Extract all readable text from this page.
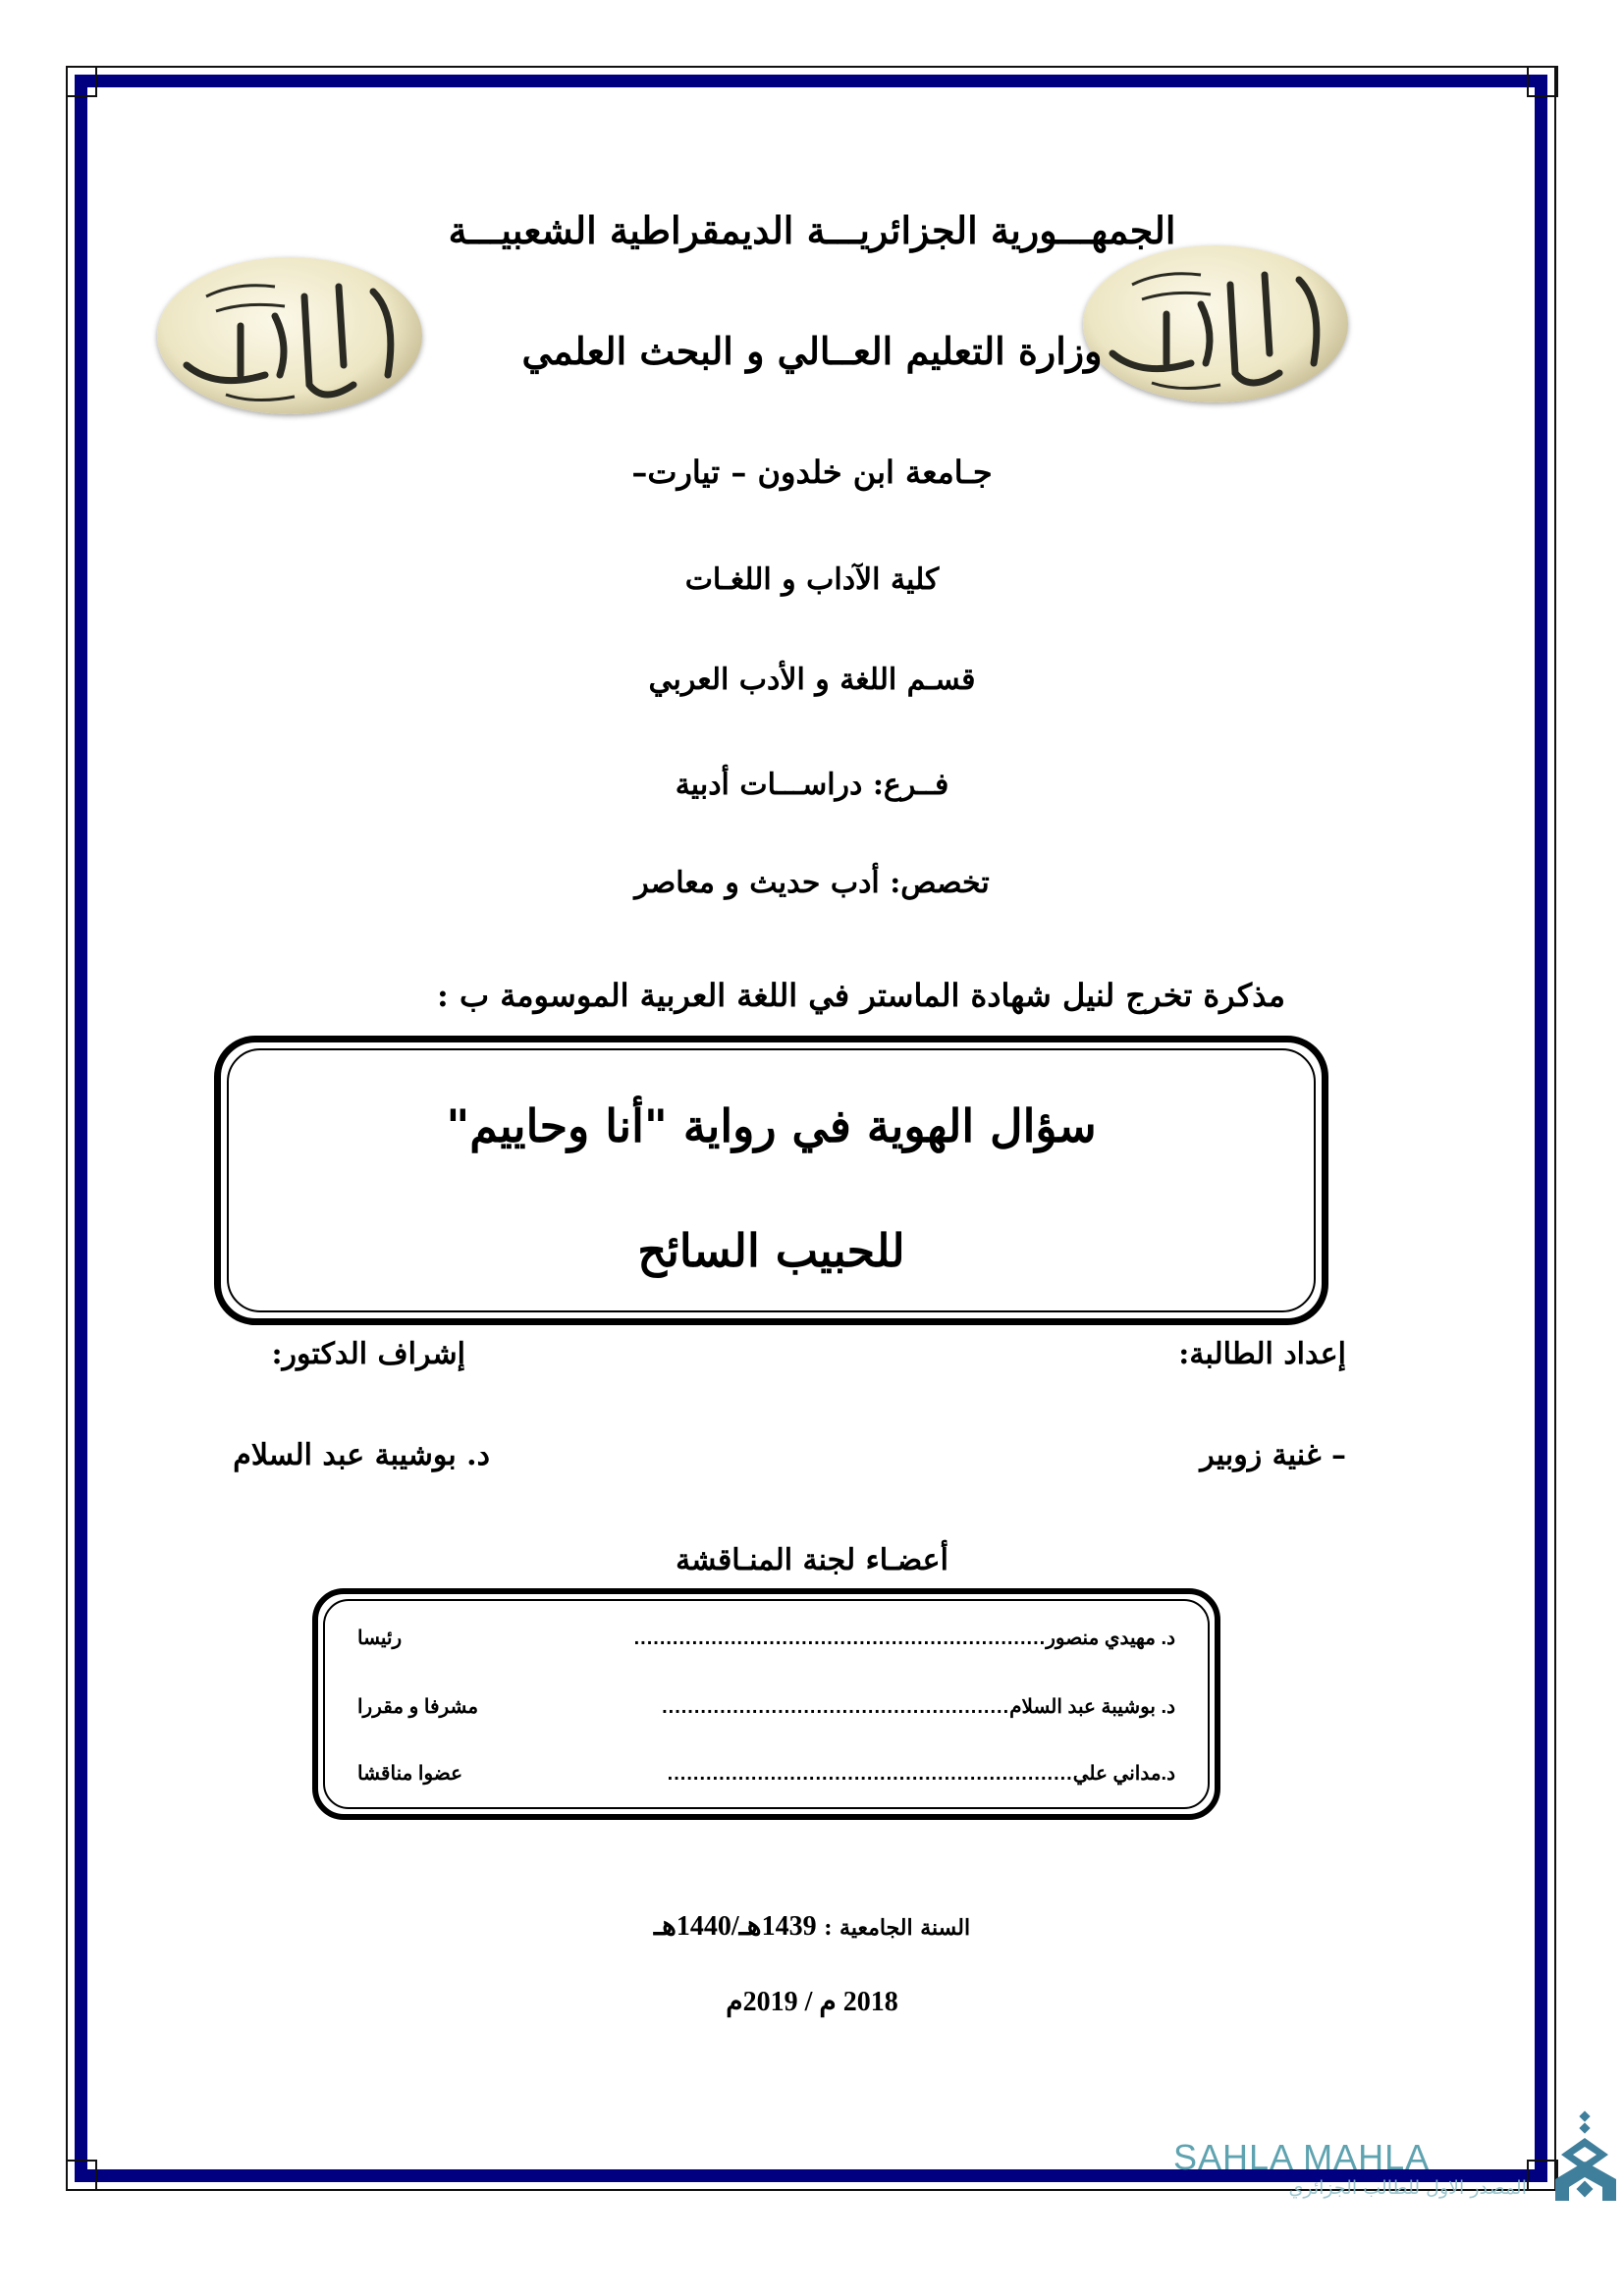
الجمهـــورية الجزائريـــة الديمقراطية الشعبيـــة
وزارة التعليم العــالي و البحث العلمي
جـامعة ابن خلدون – تيارت–
كلية الآداب و اللغـات
قسـم اللغة و الأدب العربي
فــرع: دراســـات أدبية
تخصص: أدب حديث و معاصر
مذكرة تخرج لنيل شهادة الماستر في اللغة العربية الموسومة ب :
سؤال الهوية في رواية "أنا وحاييم"
للحبيب السائح
إعداد الطالبة:
إشراف الدكتور:
– غنية زوبير
د. بوشيبة عبد السلام
أعضـاء لجنة المنـاقشة
د. مهيدي منصور
................................................................
رئيسا
د. بوشيبة عبد السلام
......................................................
مشرفا و مقررا
د.مداني علي
...............................................................
عضوا مناقشا
السنة الجامعية : 1439هـ/1440هـ
2018 م / 2019م
SAHLA MAHLA
المصدر الاول للطالب الجزائري
